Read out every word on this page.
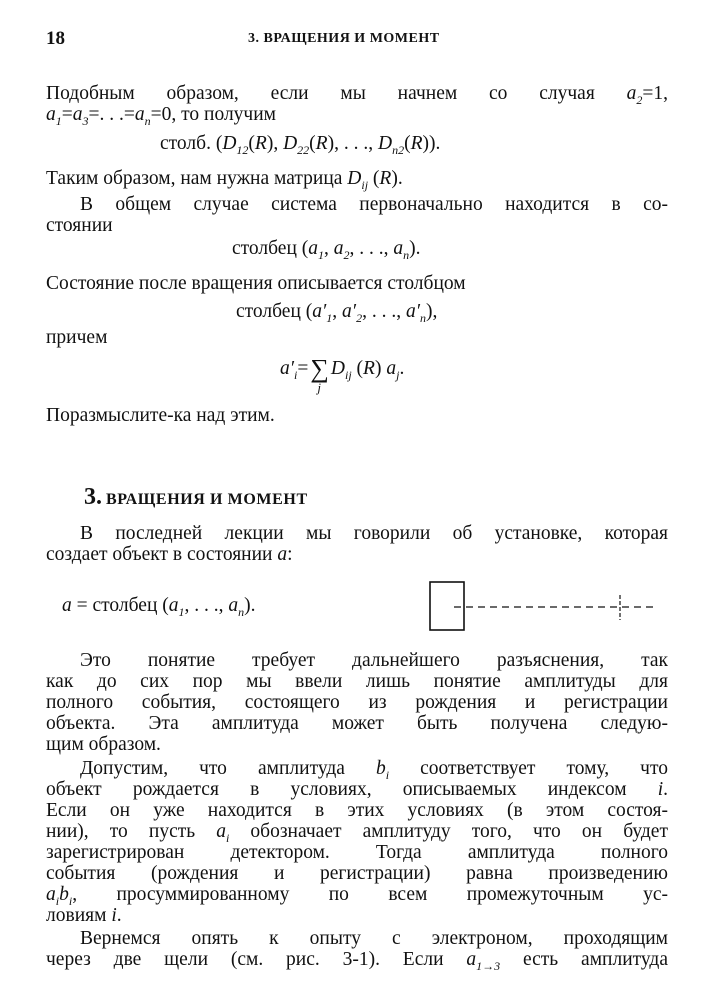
18	3. ВРАЩЕНИЯ И МОМЕНТ
3. ВРАЩЕНИЯ И МОМЕНТ
Подобным образом, если мы начнем со случая $a_2=1$,
$a_1=a_3=$. . $.=a_n=0$, то получим
столб. ($D_{12}(R)$, $D_{22}(R)$, . . ., $D_{n2}(R)$).
Таким образом, нам нужна матрица $D_{ij}$ (R).
В общем случае система первоначально находится в со-
стоянии
столбец ($a_1$, $a_2$, . . ., $a_n$).
Состояние после вращения описывается столбцом
столбец ($a'_1$, $a'_2$, . . ., $a'_n$),
причем
$a'_i=\sum$
j
$D_{ij}$ (R) $a_j$.
Поразмыслите-ка над этим.
В последней лекции мы говорили об установке, которая
создает объект в состоянии a:
a = столбец ($a_1$, . . ., $a_n$).
Это понятие требует дальнейшего разъяснения, так
как до сих пор мы ввели лишь понятие амплитуды для
полного события, состоящего из рождения и регистрации
объекта. Эта амплитуда может быть получена следую-
щим образом.
Допустим, что амплитуда $b_i$ соответствует тому, что
объект рождается в условиях, описываемых индексом i.
Если он уже находится в этих условиях (в этом состоя-
нии), то пусть $a_i$ обозначает амплитуду того, что он будет
зарегистрирован детектором. Тогда амплитуда полного
события (рождения и регистрации) равна произведению
$a_ib_i$, просуммированному по всем промежуточным ус-
ловиям i.
Вернемся опять к опыту с электроном, проходящим
через две щели (см. рис. 3-1). Если $a_{1\to 3}$ есть амплитуда
